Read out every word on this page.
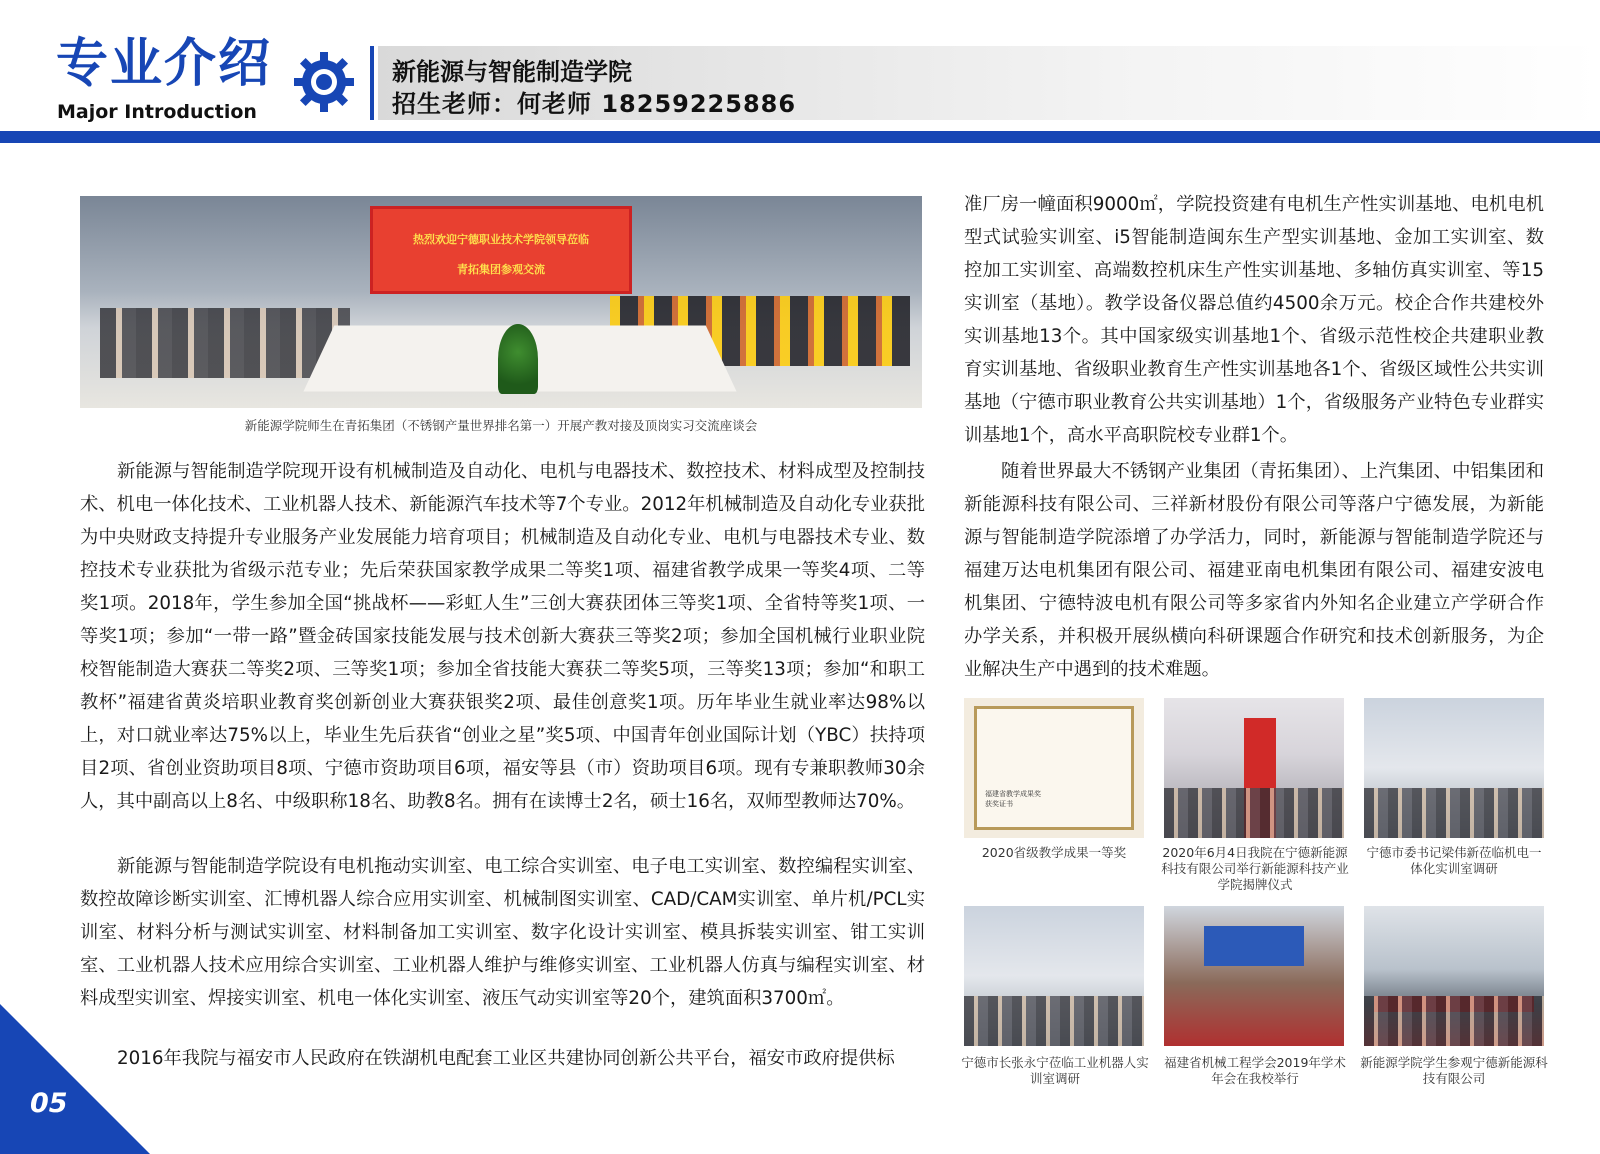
专业介绍
Major Introduction
新能源与智能制造学院
招生老师：何老师 18259225886
热烈欢迎宁德职业技术学院领导莅临
青拓集团参观交流
新能源学院师生在青拓集团（不锈钢产量世界排名第一）开展产教对接及顶岗实习交流座谈会

新能源与智能制造学院现开设有机械制造及自动化、电机与电器技术、数控技术、材料成型及控制技术、机电一体化技术、工业机器人技术、新能源汽车技术等7个专业。2012年机械制造及自动化专业获批为中央财政支持提升专业服务产业发展能力培育项目；机械制造及自动化专业、电机与电器技术专业、数控技术专业获批为省级示范专业；先后荣获国家教学成果二等奖1项、福建省教学成果一等奖4项、二等奖1项。2018年，学生参加全国“挑战杯——彩虹人生”三创大赛获团体三等奖1项、全省特等奖1项、一等奖1项；参加“一带一路”暨金砖国家技能发展与技术创新大赛获三等奖2项；参加全国机械行业职业院校智能制造大赛获二等奖2项、三等奖1项；参加全省技能大赛获二等奖5项，三等奖13项；参加“和职工教杯”福建省黄炎培职业教育奖创新创业大赛获银奖2项、最佳创意奖1项。历年毕业生就业率达98%以上，对口就业率达75%以上，毕业生先后获省“创业之星”奖5项、中国青年创业国际计划（YBC）扶持项目2项、省创业资助项目8项、宁德市资助项目6项，福安等县（市）资助项目6项。现有专兼职教师30余人，其中副高以上8名、中级职称18名、助教8名。拥有在读博士2名，硕士16名，双师型教师达70%。

新能源与智能制造学院设有电机拖动实训室、电工综合实训室、电子电工实训室、数控编程实训室、数控故障诊断实训室、汇博机器人综合应用实训室、机械制图实训室、CAD/CAM实训室、单片机/PCL实训室、材料分析与测试实训室、材料制备加工实训室、数字化设计实训室、模具拆装实训室、钳工实训室、工业机器人技术应用综合实训室、工业机器人维护与维修实训室、工业机器人仿真与编程实训室、材料成型实训室、焊接实训室、机电一体化实训室、液压气动实训室等20个，建筑面积3700㎡。

2016年我院与福安市人民政府在铁湖机电配套工业区共建协同创新公共平台，福安市政府提供标

准厂房一幢面积9000㎡，学院投资建有电机生产性实训基地、电机电机型式试验实训室、i5智能制造闽东生产型实训基地、金加工实训室、数控加工实训室、高端数控机床生产性实训基地、多轴仿真实训室、等15实训室（基地）。教学设备仪器总值约4500余万元。校企合作共建校外实训基地13个。其中国家级实训基地1个、省级示范性校企共建职业教育实训基地、省级职业教育生产性实训基地各1个、省级区域性公共实训基地（宁德市职业教育公共实训基地）1个，省级服务产业特色专业群实训基地1个，高水平高职院校专业群1个。

随着世界最大不锈钢产业集团（青拓集团）、上汽集团、中铝集团和新能源科技有限公司、三祥新材股份有限公司等落户宁德发展，为新能源与智能制造学院添增了办学活力，同时，新能源与智能制造学院还与福建万达电机集团有限公司、福建亚南电机集团有限公司、福建安波电机集团、宁德特波电机有限公司等多家省内外知名企业建立产学研合作办学关系，并积极开展纵横向科研课题合作研究和技术创新服务，为企业解决生产中遇到的技术难题。

福建省教学成果奖
获奖证书
2020省级教学成果一等奖	2020年6月4日我院在宁德新能源科技有限公司举行新能源科技产业学院揭牌仪式
宁德市委书记梁伟新莅临机电一体化实训室调研
宁德市长张永宁莅临工业机器人实训室调研
福建省机械工程学会2019年学术年会在我校举行
新能源学院学生参观宁德新能源科技有限公司
05
